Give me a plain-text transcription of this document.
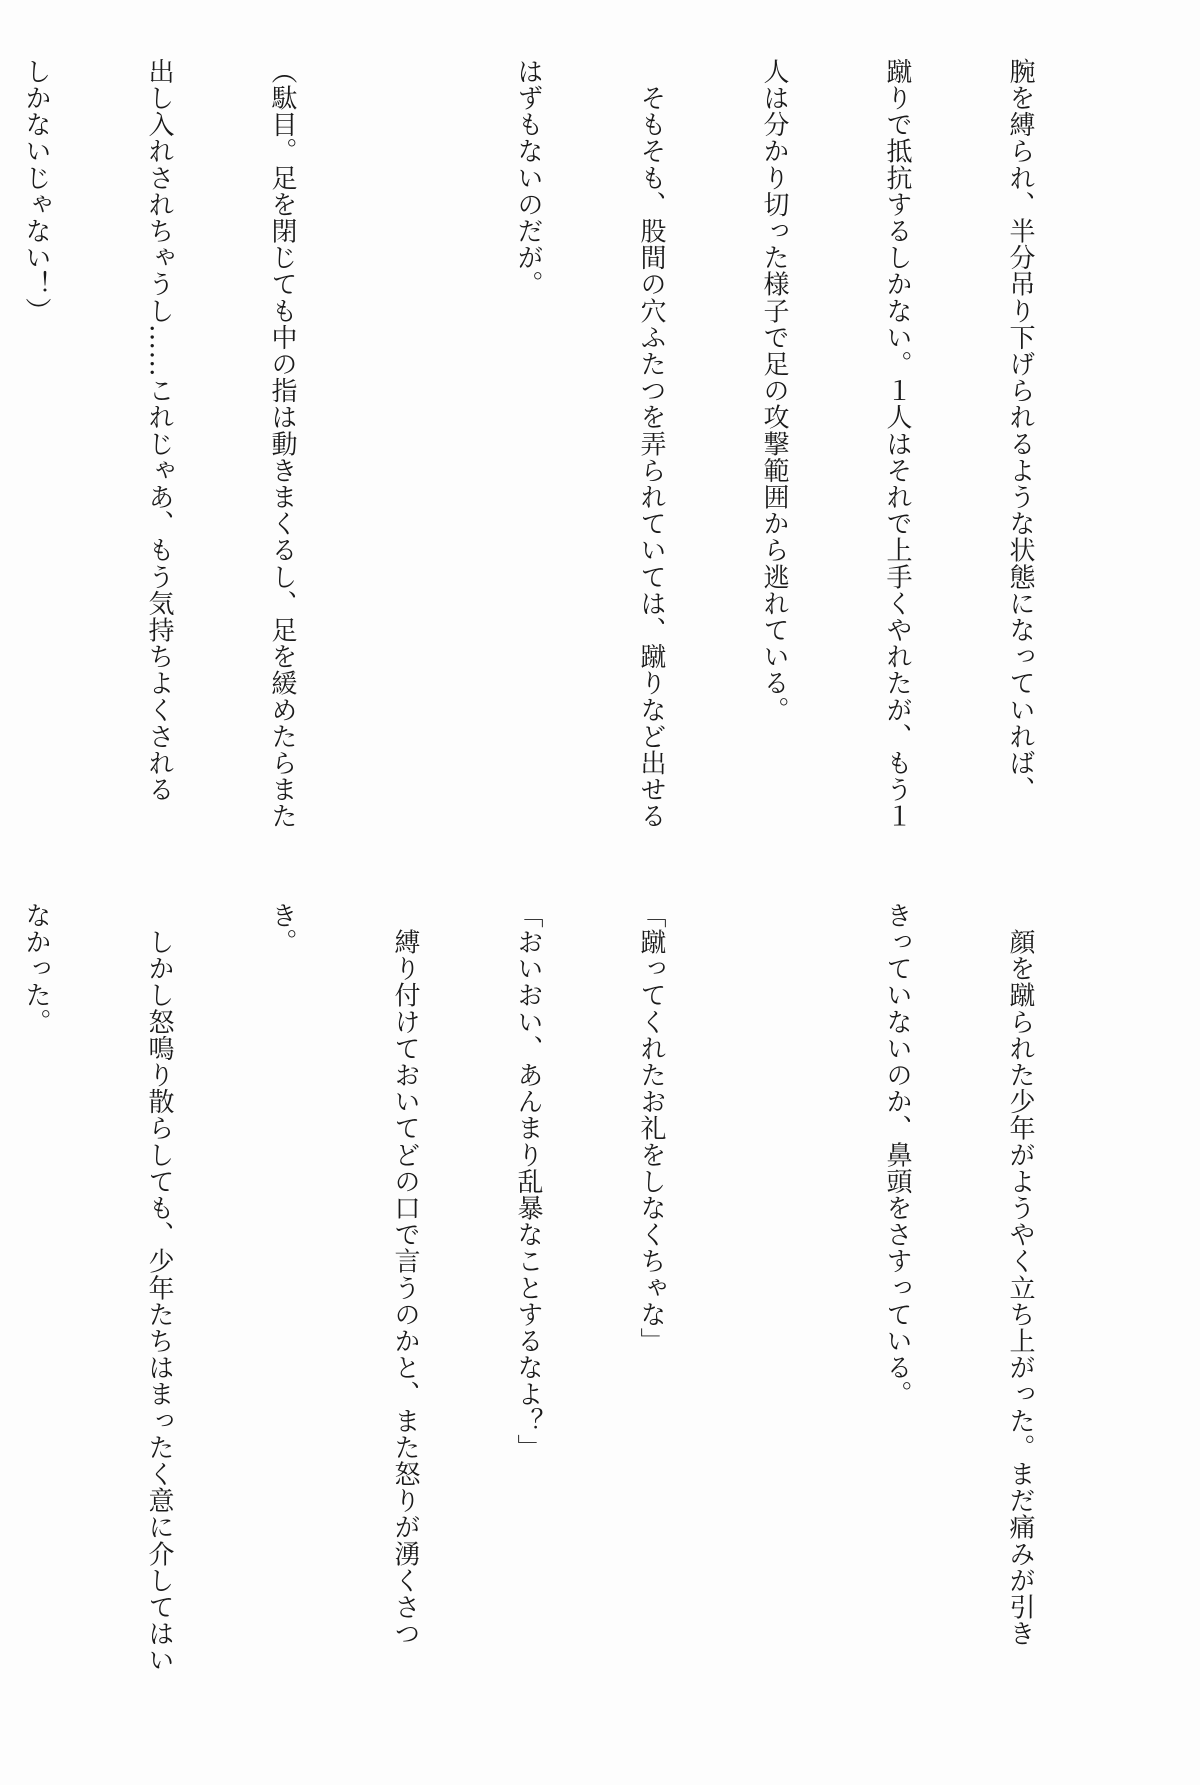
腕を縛られ、半分吊り下げられるような状態になっていれば、

蹴りで抵抗するしかない。１人はそれで上手くやれたが、もう１

人は分かり切った様子で足の攻撃範囲から逃れている。

　そもそも、股間の穴ふたつを弄られていては、蹴りなど出せる

はずもないのだが。

（駄目。足を閉じても中の指は動きまくるし、足を緩めたらまた

出し入れされちゃうし……これじゃあ、もう気持ちよくされる

しかないじゃない！）

　顔を蹴られた少年がようやく立ち上がった。まだ痛みが引き

きっていないのか、鼻頭をさすっている。

「蹴ってくれたお礼をしなくちゃな」

「おいおい、あんまり乱暴なことするなよ？」

　縛り付けておいてどの口で言うのかと、また怒りが湧くさつ

き。

　しかし怒鳴り散らしても、少年たちはまったく意に介してはい

なかった。
